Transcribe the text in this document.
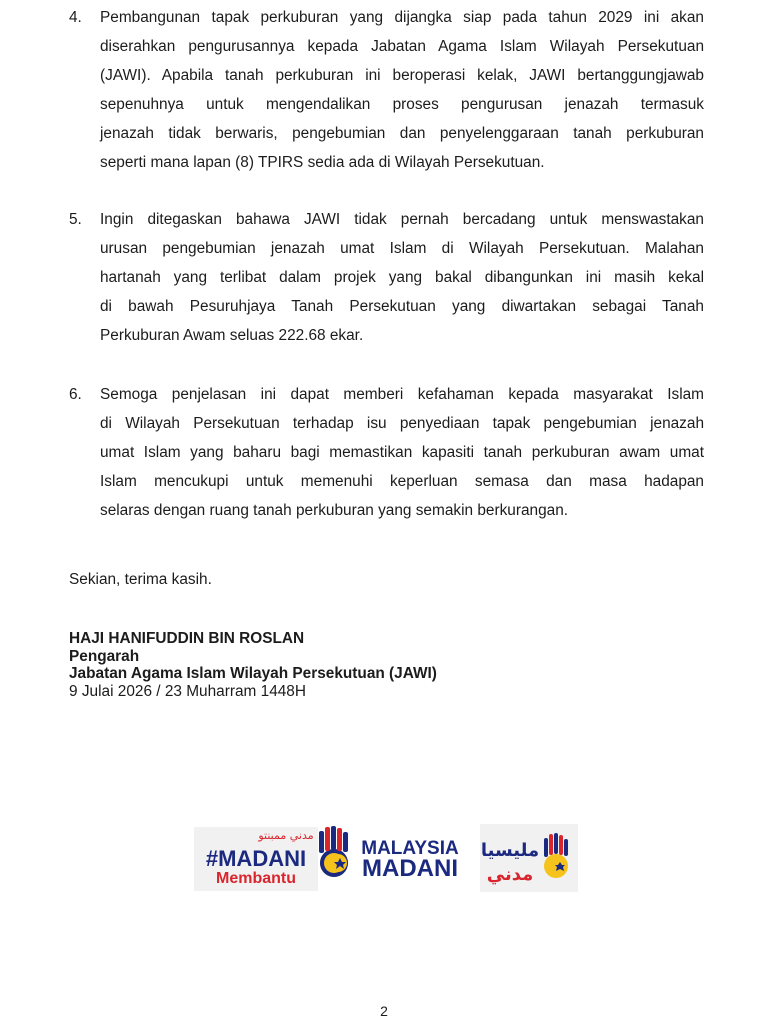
4. Pembangunan tapak perkuburan yang dijangka siap pada tahun 2029 ini akan
diserahkan pengurusannya kepada Jabatan Agama Islam Wilayah Persekutuan
(JAWI). Apabila tanah perkuburan ini beroperasi kelak, JAWI bertanggungjawab
sepenuhnya untuk mengendalikan proses pengurusan jenazah termasuk
jenazah tidak berwaris, pengebumian dan penyelenggaraan tanah perkuburan
seperti mana lapan (8) TPIRS sedia ada di Wilayah Persekutuan.
5. Ingin ditegaskan bahawa JAWI tidak pernah bercadang untuk menswastakan
urusan pengebumian jenazah umat Islam di Wilayah Persekutuan. Malahan
hartanah yang terlibat dalam projek yang bakal dibangunkan ini masih kekal
di bawah Pesuruhjaya Tanah Persekutuan yang diwartakan sebagai Tanah
Perkuburan Awam seluas 222.68 ekar.
6. Semoga penjelasan ini dapat memberi kefahaman kepada masyarakat Islam
di Wilayah Persekutuan terhadap isu penyediaan tapak pengebumian jenazah
umat Islam yang baharu bagi memastikan kapasiti tanah perkuburan awam umat
Islam mencukupi untuk memenuhi keperluan semasa dan masa hadapan
selaras dengan ruang tanah perkuburan yang semakin berkurangan.
Sekian, terima kasih.
HAJI HANIFUDDIN BIN ROSLAN
Pengarah
Jabatan Agama Islam Wilayah Persekutuan (JAWI)
9 Julai 2026 / 23 Muharram 1448H
مدني ممبنتو
#MADANI
Membantu
MALAYSIA
MADANI
مليسيا
مدني
2
